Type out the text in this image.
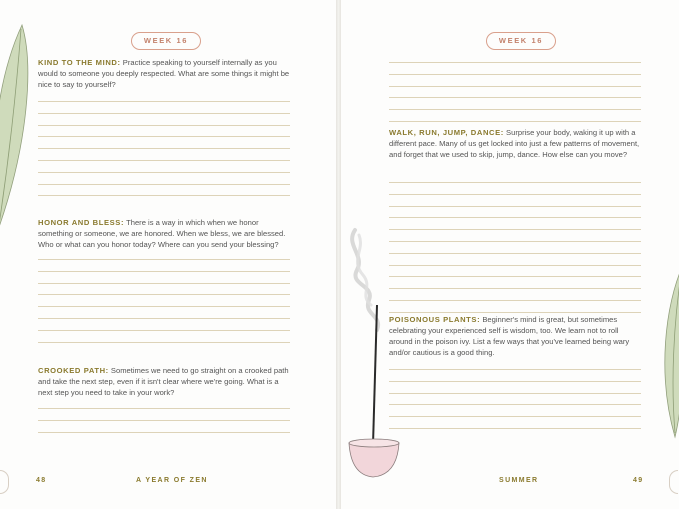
WEEK 16
KIND TO THE MIND: Practice speaking to yourself internally as you would to someone you deeply respected. What are some things it might be nice to say to yourself?
HONOR AND BLESS: There is a way in which when we honor something or someone, we are honored. When we bless, we are blessed. Who or what can you honor today? Where can you send your blessing?
CROOKED PATH: Sometimes we need to go straight on a crooked path and take the next step, even if it isn't clear where we're going. What is a next step you need to take in your work?
48	A YEAR OF ZEN
WEEK 16
WALK, RUN, JUMP, DANCE: Surprise your body, waking it up with a different pace. Many of us get locked into just a few patterns of movement, and forget that we used to skip, jump, dance. How else can you move?
POISONOUS PLANTS: Beginner's mind is great, but sometimes celebrating your experienced self is wisdom, too. We learn not to roll around in the poison ivy. List a few ways that you've learned being wary and/or cautious is a good thing.
SUMMER	49
